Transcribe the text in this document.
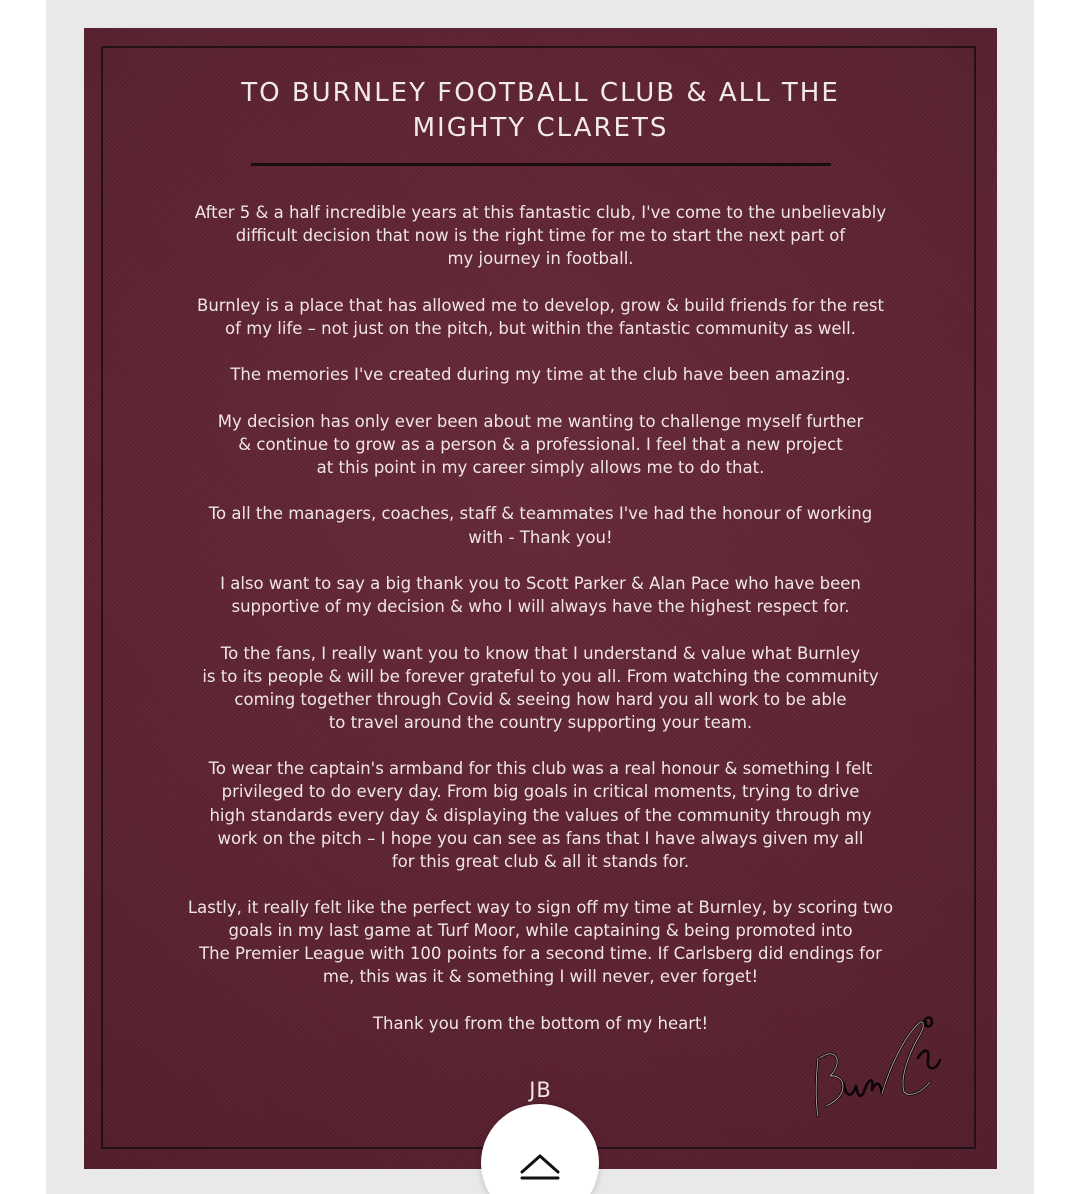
TO BURNLEY FOOTBALL CLUB & ALL THE
MIGHTY CLARETS

After 5 & a half incredible years at this fantastic club, I've come to the unbelievably
difficult decision that now is the right time for me to start the next part of
my journey in football.

Burnley is a place that has allowed me to develop, grow & build friends for the rest
of my life – not just on the pitch, but within the fantastic community as well.

The memories I've created during my time at the club have been amazing.

My decision has only ever been about me wanting to challenge myself further
& continue to grow as a person & a professional. I feel that a new project
at this point in my career simply allows me to do that.

To all the managers, coaches, staff & teammates I've had the honour of working
with - Thank you!

I also want to say a big thank you to Scott Parker & Alan Pace who have been
supportive of my decision & who I will always have the highest respect for.

To the fans, I really want you to know that I understand & value what Burnley
is to its people & will be forever grateful to you all. From watching the community
coming together through Covid & seeing how hard you all work to be able
to travel around the country supporting your team.

To wear the captain's armband for this club was a real honour & something I felt
privileged to do every day. From big goals in critical moments, trying to drive
high standards every day & displaying the values of the community through my
work on the pitch – I hope you can see as fans that I have always given my all
for this great club & all it stands for.

Lastly, it really felt like the perfect way to sign off my time at Burnley, by scoring two
goals in my last game at Turf Moor, while captaining & being promoted into
The Premier League with 100 points for a second time. If Carlsberg did endings for
me, this was it & something I will never, ever forget!

Thank you from the bottom of my heart!

JB
